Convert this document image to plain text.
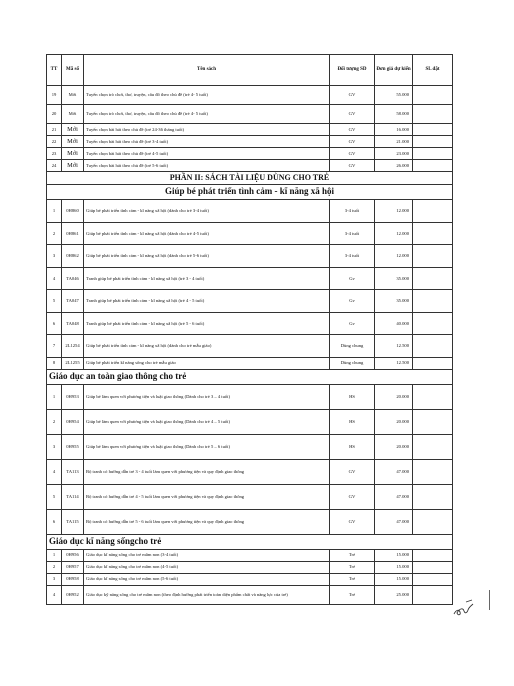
TT	Mã số	Tên sách	Đối tượng SD	Đơn giá dự kiến	SL đặt
19	Mới	Tuyển chọn trò chơi, thơ, truyện, câu đố theo chủ đề (trẻ 4- 5 tuổi)	GV	55.000	
20	Mới	Tuyển chọn trò chơi, thơ, truyện, câu đố theo chủ đề (trẻ 4- 5 tuổi)	GV	58.000	
21	Mới	Tuyển chọn bài hát theo chủ đề (trẻ 24-36 tháng tuổi)	GV	16.000	
22	Mới	Tuyển chọn bài hát theo chủ đề (trẻ 3-4 tuổi)	GV	21.000	
23	Mới	Tuyển chọn bài hát theo chủ đề (trẻ 4-5 tuổi)	GV	23.000	
24	Mới	Tuyển chọn bài hát theo chủ đề (trẻ 5-6 tuổi)	GV	26.000	
PHẦN II: SÁCH TÀI LIỆU DÙNG CHO TRẺ					
Giúp bé phát triển tình cảm - kĩ năng xã hội					
1	0H860	Giúp bé phát triển tình cảm - kĩ năng xã hội (dành cho trẻ 3-4 tuổi)	3-4 tuổi	12.000	
2	0H861	Giúp bé phát triển tình cảm - kĩ năng xã hội (dành cho trẻ 4-5 tuổi)	3-4 tuổi	12.000	
3	0H862	Giúp bé phát triển tình cảm - kĩ năng xã hội (dành cho trẻ 5-6 tuổi)	3-4 tuổi	12.000	
4	TA046	Tranh giúp bé phát triển tình cảm - kĩ năng xã hội (trẻ 3 - 4 tuổi)	Gv	35.000	
5	TA047	Tranh giúp bé phát triển tình cảm - kĩ năng xã hội (trẻ 4 - 5 tuổi)	Gv	35.000	
6	TA048	Tranh giúp bé phát triển tình cảm - kĩ năng xã hội (trẻ 5 - 6 tuổi)	Gv	40.000	
7	2L1254	Giúp bé phát triển tình cảm - kĩ năng xã hội (dành cho trẻ mẫu giáo)	Dùng chung	12.500	
8	2L1255	Giúp bé phát triển kĩ năng sống cho trẻ mẫu giáo	Dùng chung	12.500	
Giáo dục an toàn giao thông cho trẻ					
1	0H953	Giúp bé làm quen với phương tiện và luật giao thông (Dành cho trẻ 3 – 4 tuổi)	HS	20.000	
2	0H954	Giúp bé làm quen với phương tiện và luật giao thông (Dành cho trẻ 4 – 5 tuổi)	HS	20.000	
3	0H955	Giúp bé làm quen với phương tiện và luật giao thông (Dành cho trẻ 5 – 6 tuổi)	HS	20.000	
4	TA113	Bộ tranh có hướng dẫn trẻ 3 - 4 tuổi làm quen với phương tiện và quy định giao thông	GV	47.000	
5	TA114	Bộ tranh có hướng dẫn trẻ 4 - 5 tuổi làm quen với phương tiện và quy định giao thông	GV	47.000	
6	TA115	Bộ tranh có hướng dẫn trẻ 5 - 6 tuổi làm quen với phương tiện và quy định giao thông	GV	47.000	
Giáo dục kĩ năng sốngcho trẻ					
1	0H956	Giáo dục kĩ năng sống cho trẻ mầm non (3-4 tuổi)	Trẻ	15.000	
2	0H957	Giáo dục kĩ năng sống cho trẻ mầm non (4-5 tuổi)	Trẻ	15.000	
3	0H958	Giáo dục kĩ năng sống cho trẻ mầm non (5-6 tuổi)	Trẻ	15.000	
4	0H952	Giáo dục kỹ năng sống cho trẻ mầm non (theo định hướng phát triển toàn diện phẩm chất và năng lực của trẻ)	Trẻ	25.000	
